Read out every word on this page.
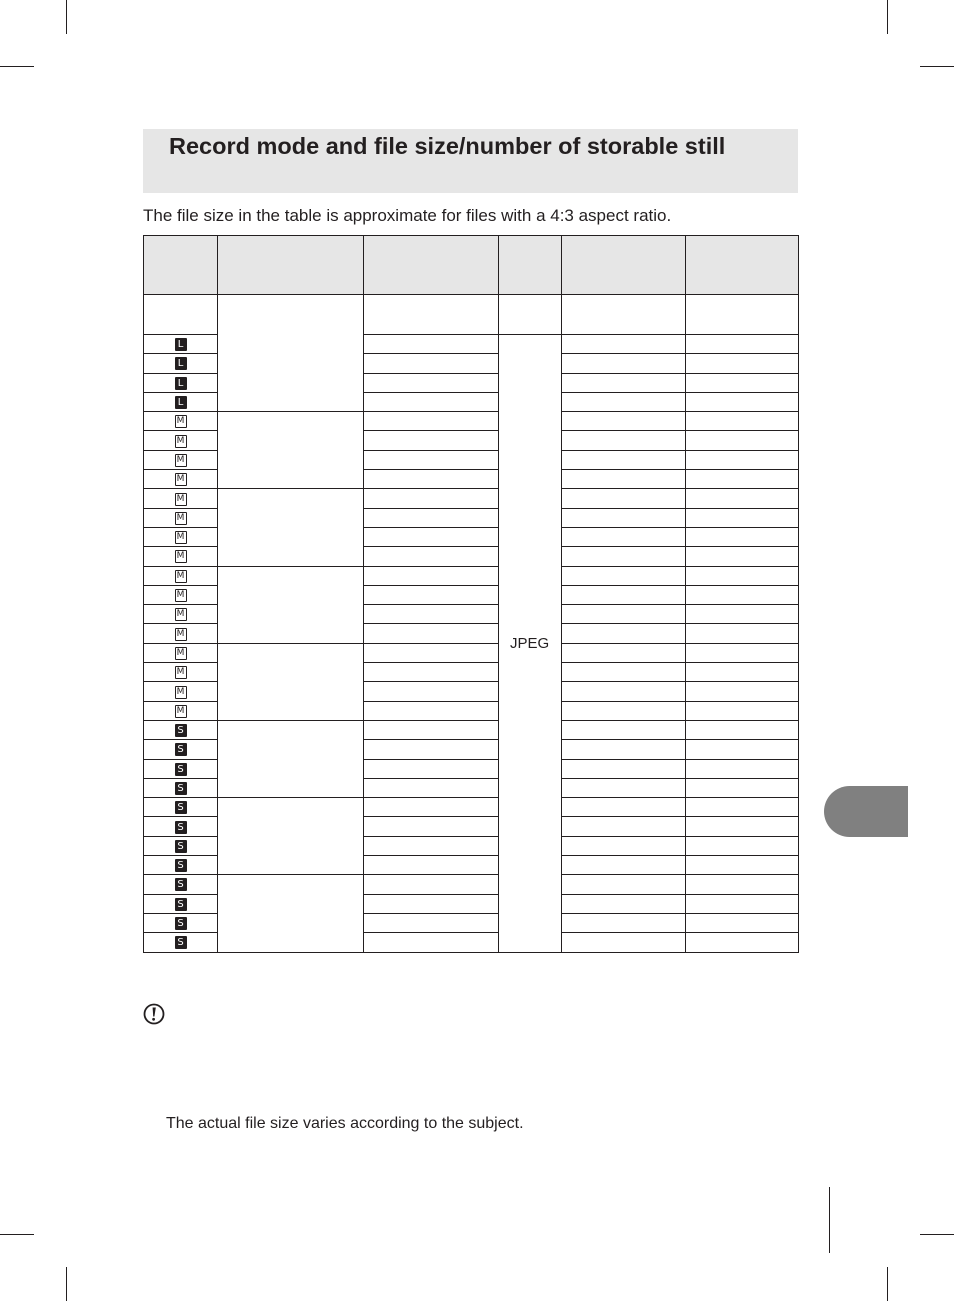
Record mode and file size/number of storable still
The file size in the table is approximate for files with a 4:3 aspect ratio.

L			JPEG		
L					
L					
L					
M					
M					
M					
M					
M					
M					
M					
M					
M					
M					
M					
M					
M					
M					
M					
M					
S					
S					
S					
S					
S					
S					
S					
S					
S					
S					
S					
S					
The actual file size varies according to the subject.
